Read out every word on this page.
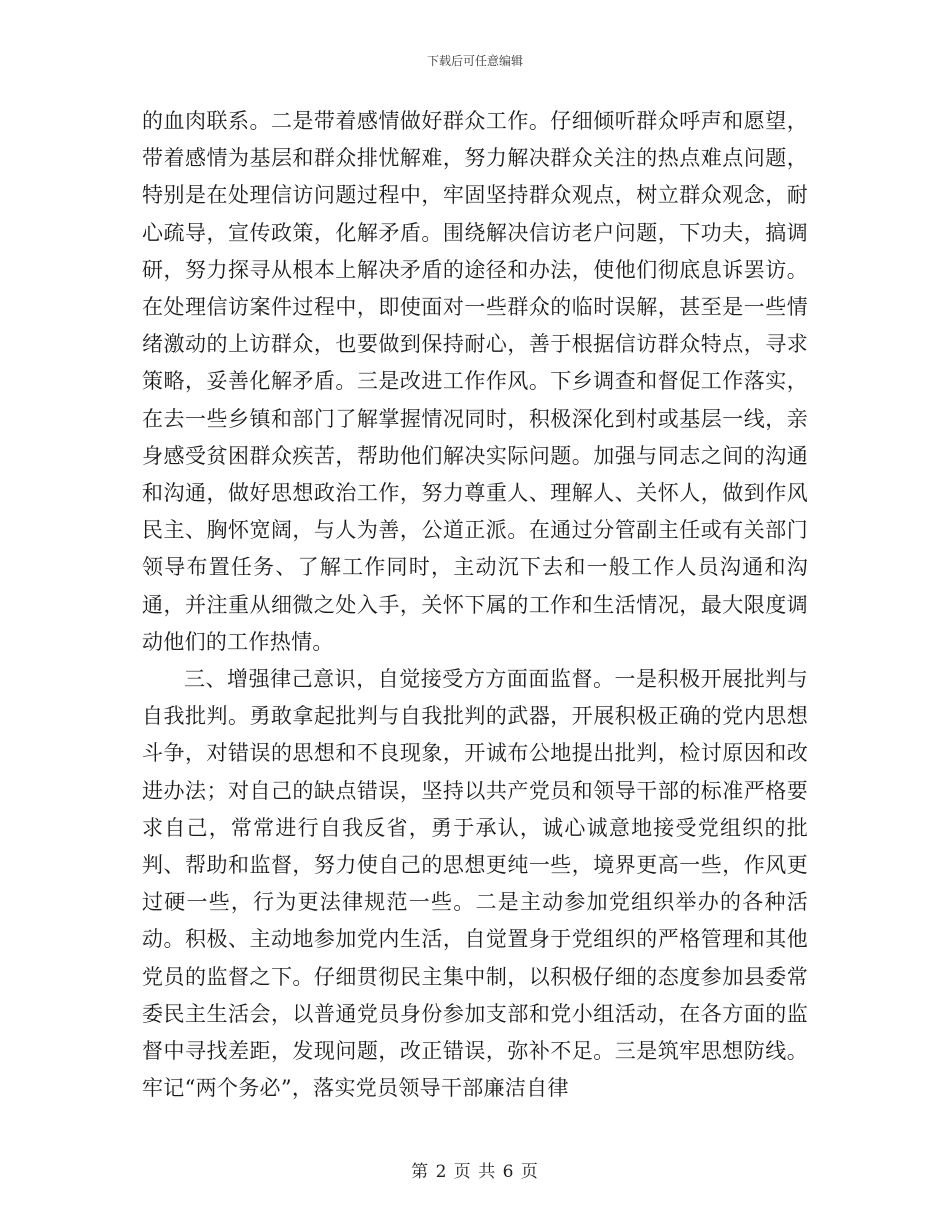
下载后可任意编辑

的血肉联系。二是带着感情做好群众工作。仔细倾听群众呼声和愿望，带着感情为基层和群众排忧解难，努力解决群众关注的热点难点问题，特别是在处理信访问题过程中，牢固坚持群众观点，树立群众观念，耐心疏导，宣传政策，化解矛盾。围绕解决信访老户问题，下功夫，搞调研，努力探寻从根本上解决矛盾的途径和办法，使他们彻底息诉罢访。在处理信访案件过程中，即使面对一些群众的临时误解，甚至是一些情绪激动的上访群众，也要做到保持耐心，善于根据信访群众特点，寻求策略，妥善化解矛盾。三是改进工作作风。下乡调查和督促工作落实，在去一些乡镇和部门了解掌握情况同时，积极深化到村或基层一线，亲身感受贫困群众疾苦，帮助他们解决实际问题。加强与同志之间的沟通和沟通，做好思想政治工作，努力尊重人、理解人、关怀人，做到作风民主、胸怀宽阔，与人为善，公道正派。在通过分管副主任或有关部门领导布置任务、了解工作同时，主动沉下去和一般工作人员沟通和沟通，并注重从细微之处入手，关怀下属的工作和生活情况，最大限度调动他们的工作热情。

三、增强律己意识，自觉接受方方面面监督。一是积极开展批判与自我批判。勇敢拿起批判与自我批判的武器，开展积极正确的党内思想斗争，对错误的思想和不良现象，开诚布公地提出批判，检讨原因和改进办法；对自己的缺点错误，坚持以共产党员和领导干部的标准严格要求自己，常常进行自我反省，勇于承认，诚心诚意地接受党组织的批判、帮助和监督，努力使自己的思想更纯一些，境界更高一些，作风更过硬一些，行为更法律规范一些。二是主动参加党组织举办的各种活动。积极、主动地参加党内生活，自觉置身于党组织的严格管理和其他党员的监督之下。仔细贯彻民主集中制，以积极仔细的态度参加县委常委民主生活会，以普通党员身份参加支部和党小组活动，在各方面的监督中寻找差距，发现问题，改正错误，弥补不足。三是筑牢思想防线。牢记“两个务必”，落实党员领导干部廉洁自律

第 2 页 共 6 页
